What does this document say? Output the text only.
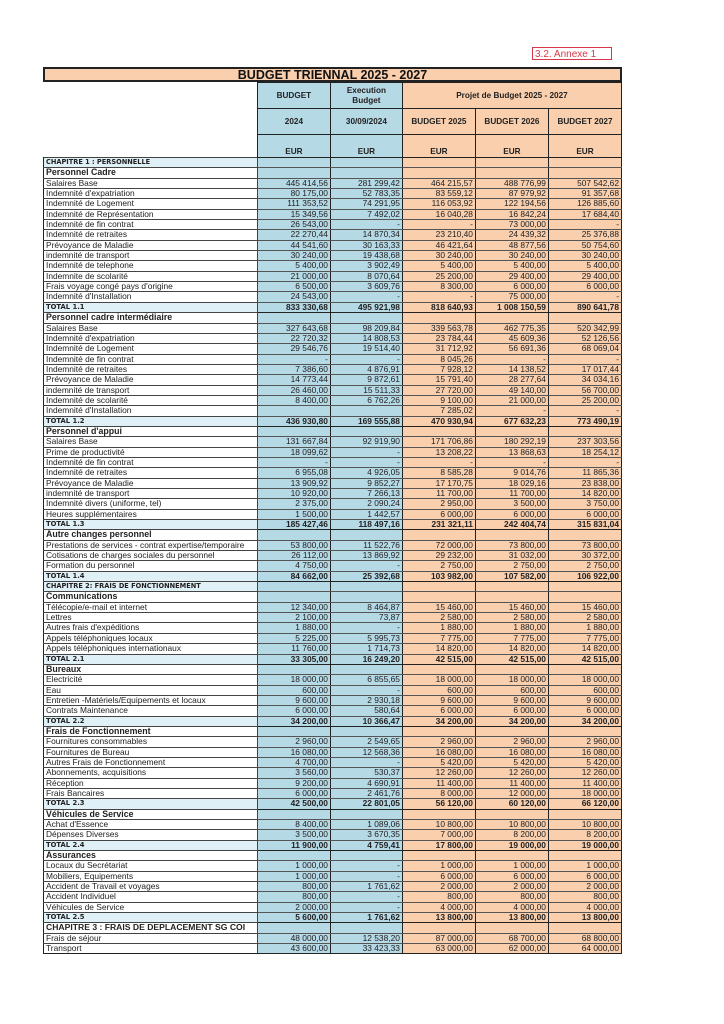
3.2. Annexe 1
BUDGET TRIENNAL 2025 - 2027
	BUDGET	Execution Budget	Projet de Budget 2025 - 2027		
	2024	30/09/2024	BUDGET 2025	BUDGET 2026	BUDGET 2027
	EUR	EUR	EUR	EUR	EUR
CHAPITRE 1 : PERSONNELLE					
Personnel Cadre					
Salaires Base	445 414,56	281 299,42	464 215,57	488 776,99	507 542,62
Indemnité d'expatriation	80 175,00	52 783,35	83 559,12	87 979,92	91 357,68
Indemnité de Logement	111 353,52	74 291,95	116 053,92	122 194,56	126 885,60
Indemnité de Représentation	15 349,56	7 492,02	16 040,28	16 842,24	17 684,40
Indemnité de fin contrat	26 543,00	-	-	73 000,00	-
Indemnité de retraites	22 270,44	14 870,34	23 210,40	24 439,32	25 376,88
Prévoyance de Maladie	44 541,60	30 163,33	46 421,64	48 877,56	50 754,60
indemnité de transport	30 240,00	19 438,68	30 240,00	30 240,00	30 240,00
Indemnité de telephone	5 400,00	3 902,49	5 400,00	5 400,00	5 400,00
Indemnite de scolarité	21 000,00	8 070,64	25 200,00	29 400,00	29 400,00
Frais voyage congé pays d'origine	6 500,00	3 609,76	8 300,00	6 000,00	6 000,00
Indemnité d'Installation	24 543,00	-	-	75 000,00	-
TOTAL 1.1	833 330,68	495 921,98	818 640,93	1 008 150,59	890 641,78
Personnel cadre intermédiaire					
Salaires Base	327 643,68	98 209,84	339 563,78	462 775,35	520 342,99
Indemnité d'expatriation	22 720,32	14 808,53	23 784,44	45 609,36	52 126,56
Indemnité de Logement	29 546,76	19 514,40	31 712,92	56 691,36	68 069,04
Indemnité de fin contrat	-	-	8 045,26	-	-
Indemnité de retraites	7 386,60	4 876,91	7 928,12	14 138,52	17 017,44
Prévoyance de Maladie	14 773,44	9 872,61	15 791,40	28 277,64	34 034,16
indemnité de transport	26 460,00	15 511,33	27 720,00	49 140,00	56 700,00
Indemnité de scolarité	8 400,00	6 762,26	9 100,00	21 000,00	25 200,00
Indemnité d'Installation			7 285,02	-	-
TOTAL 1.2	436 930,80	169 555,88	470 930,94	677 632,23	773 490,19
Personnel d'appui					
Salaires Base	131 667,84	92 919,90	171 706,86	180 292,19	237 303,56
Prime de productivité	18 099,62	-	13 208,22	13 868,63	18 254,12
Indemnité de fin contrat	-	-	-	-	-
Indemnité de retraites	6 955,08	4 926,05	8 585,28	9 014,76	11 865,36
Prévoyance de Maladie	13 909,92	9 852,27	17 170,75	18 029,16	23 838,00
indemnité de transport	10 920,00	7 266,13	11 700,00	11 700,00	14 820,00
Indemnité divers (uniforme, tel)	2 375,00	2 090,24	2 950,00	3 500,00	3 750,00
Heures supplémentaires	1 500,00	1 442,57	6 000,00	6 000,00	6 000,00
TOTAL 1.3	185 427,46	118 497,16	231 321,11	242 404,74	315 831,04
Autre changes personnel					
Prestations de services - contrat expertise/temporaire	53 800,00	11 522,76	72 000,00	73 800,00	73 800,00
Cotisations de charges sociales du personnel	26 112,00	13 869,92	29 232,00	31 032,00	30 372,00
Formation du personnel	4 750,00	-	2 750,00	2 750,00	2 750,00
TOTAL 1.4	84 662,00	25 392,68	103 982,00	107 582,00	106 922,00
CHAPITRE 2: FRAIS DE FONCTIONNEMENT					
Communications					
Télécopie/e-mail et internet	12 340,00	8 464,87	15 460,00	15 460,00	15 460,00
Lettres	2 100,00	73,87	2 580,00	2 580,00	2 580,00
Autres frais d'expéditions	1 880,00	-	1 880,00	1 880,00	1 880,00
Appels téléphoniques locaux	5 225,00	5 995,73	7 775,00	7 775,00	7 775,00
Appels téléphoniques internationaux	11 760,00	1 714,73	14 820,00	14 820,00	14 820,00
TOTAL 2.1	33 305,00	16 249,20	42 515,00	42 515,00	42 515,00
Bureaux					
Electricité	18 000,00	6 855,65	18 000,00	18 000,00	18 000,00
Eau	600,00	-	600,00	600,00	600,00
Entretien -Matériels/Equipements et locaux	9 600,00	2 930,18	9 600,00	9 600,00	9 600,00
Contrats Maintenance	6 000,00	580,64	6 000,00	6 000,00	6 000,00
TOTAL 2.2	34 200,00	10 366,47	34 200,00	34 200,00	34 200,00
Frais de Fonctionnement					
Fournitures consommables	2 960,00	2 549,65	2 960,00	2 960,00	2 960,00
Fournitures de Bureau	16 080,00	12 568,36	16 080,00	16 080,00	16 080,00
Autres Frais de Fonctionnement	4 700,00	-	5 420,00	5 420,00	5 420,00
Abonnements, acquisitions	3 560,00	530,37	12 260,00	12 260,00	12 260,00
Réception	9 200,00	4 690,91	11 400,00	11 400,00	11 400,00
Frais Bancaires	6 000,00	2 461,76	8 000,00	12 000,00	18 000,00
TOTAL 2.3	42 500,00	22 801,05	56 120,00	60 120,00	66 120,00
Véhicules de Service					
Achat d'Essence	8 400,00	1 089,06	10 800,00	10 800,00	10 800,00
Dépenses Diverses	3 500,00	3 670,35	7 000,00	8 200,00	8 200,00
TOTAL 2.4	11 900,00	4 759,41	17 800,00	19 000,00	19 000,00
Assurances					
Locaux du Secrétariat	1 000,00	-	1 000,00	1 000,00	1 000,00
Mobiliers, Equipements	1 000,00	-	6 000,00	6 000,00	6 000,00
Accident de Travail et voyages	800,00	1 761,62	2 000,00	2 000,00	2 000,00
Accident Individuel	800,00	-	800,00	800,00	800,00
Véhicules de Service	2 000,00	-	4 000,00	4 000,00	4 000,00
TOTAL 2.5	5 600,00	1 761,62	13 800,00	13 800,00	13 800,00
CHAPITRE 3 : FRAIS DE DEPLACEMENT SG COI					
Frais de séjour	48 000,00	12 538,20	87 000,00	68 700,00	68 800,00
Transport	43 600,00	33 423,33	63 000,00	62 000,00	64 000,00
